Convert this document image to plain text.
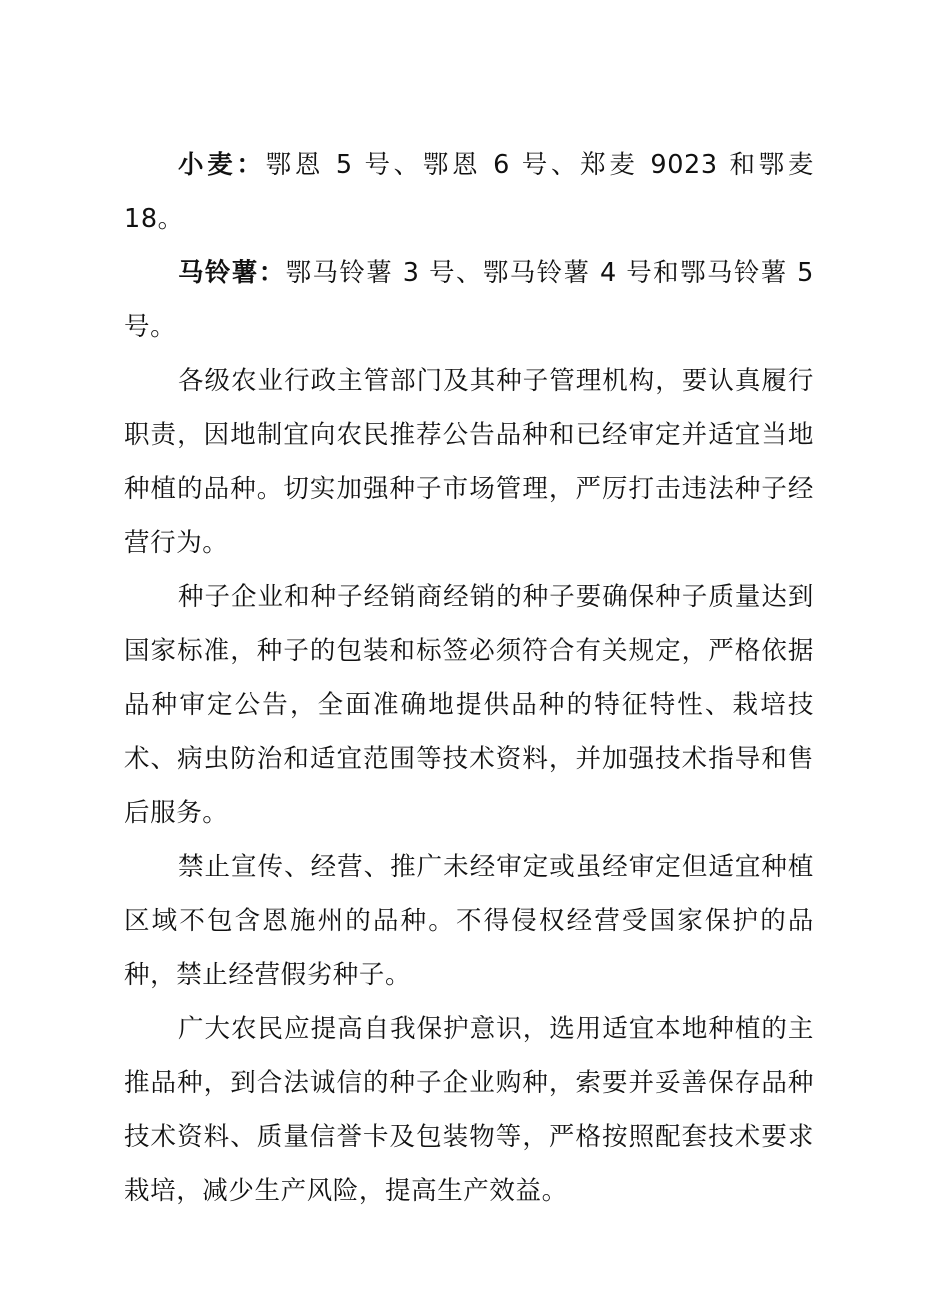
小麦：鄂恩 5 号、鄂恩 6 号、郑麦 9023 和鄂麦 18。

马铃薯：鄂马铃薯 3 号、鄂马铃薯 4 号和鄂马铃薯 5 号。

各级农业行政主管部门及其种子管理机构，要认真履行职责，因地制宜向农民推荐公告品种和已经审定并适宜当地种植的品种。切实加强种子市场管理，严厉打击违法种子经营行为。

种子企业和种子经销商经销的种子要确保种子质量达到国家标准，种子的包装和标签必须符合有关规定，严格依据品种审定公告，全面准确地提供品种的特征特性、栽培技术、病虫防治和适宜范围等技术资料，并加强技术指导和售后服务。

禁止宣传、经营、推广未经审定或虽经审定但适宜种植区域不包含恩施州的品种。不得侵权经营受国家保护的品种，禁止经营假劣种子。

广大农民应提高自我保护意识，选用适宜本地种植的主推品种，到合法诚信的种子企业购种，索要并妥善保存品种技术资料、质量信誉卡及包装物等，严格按照配套技术要求栽培，减少生产风险，提高生产效益。
